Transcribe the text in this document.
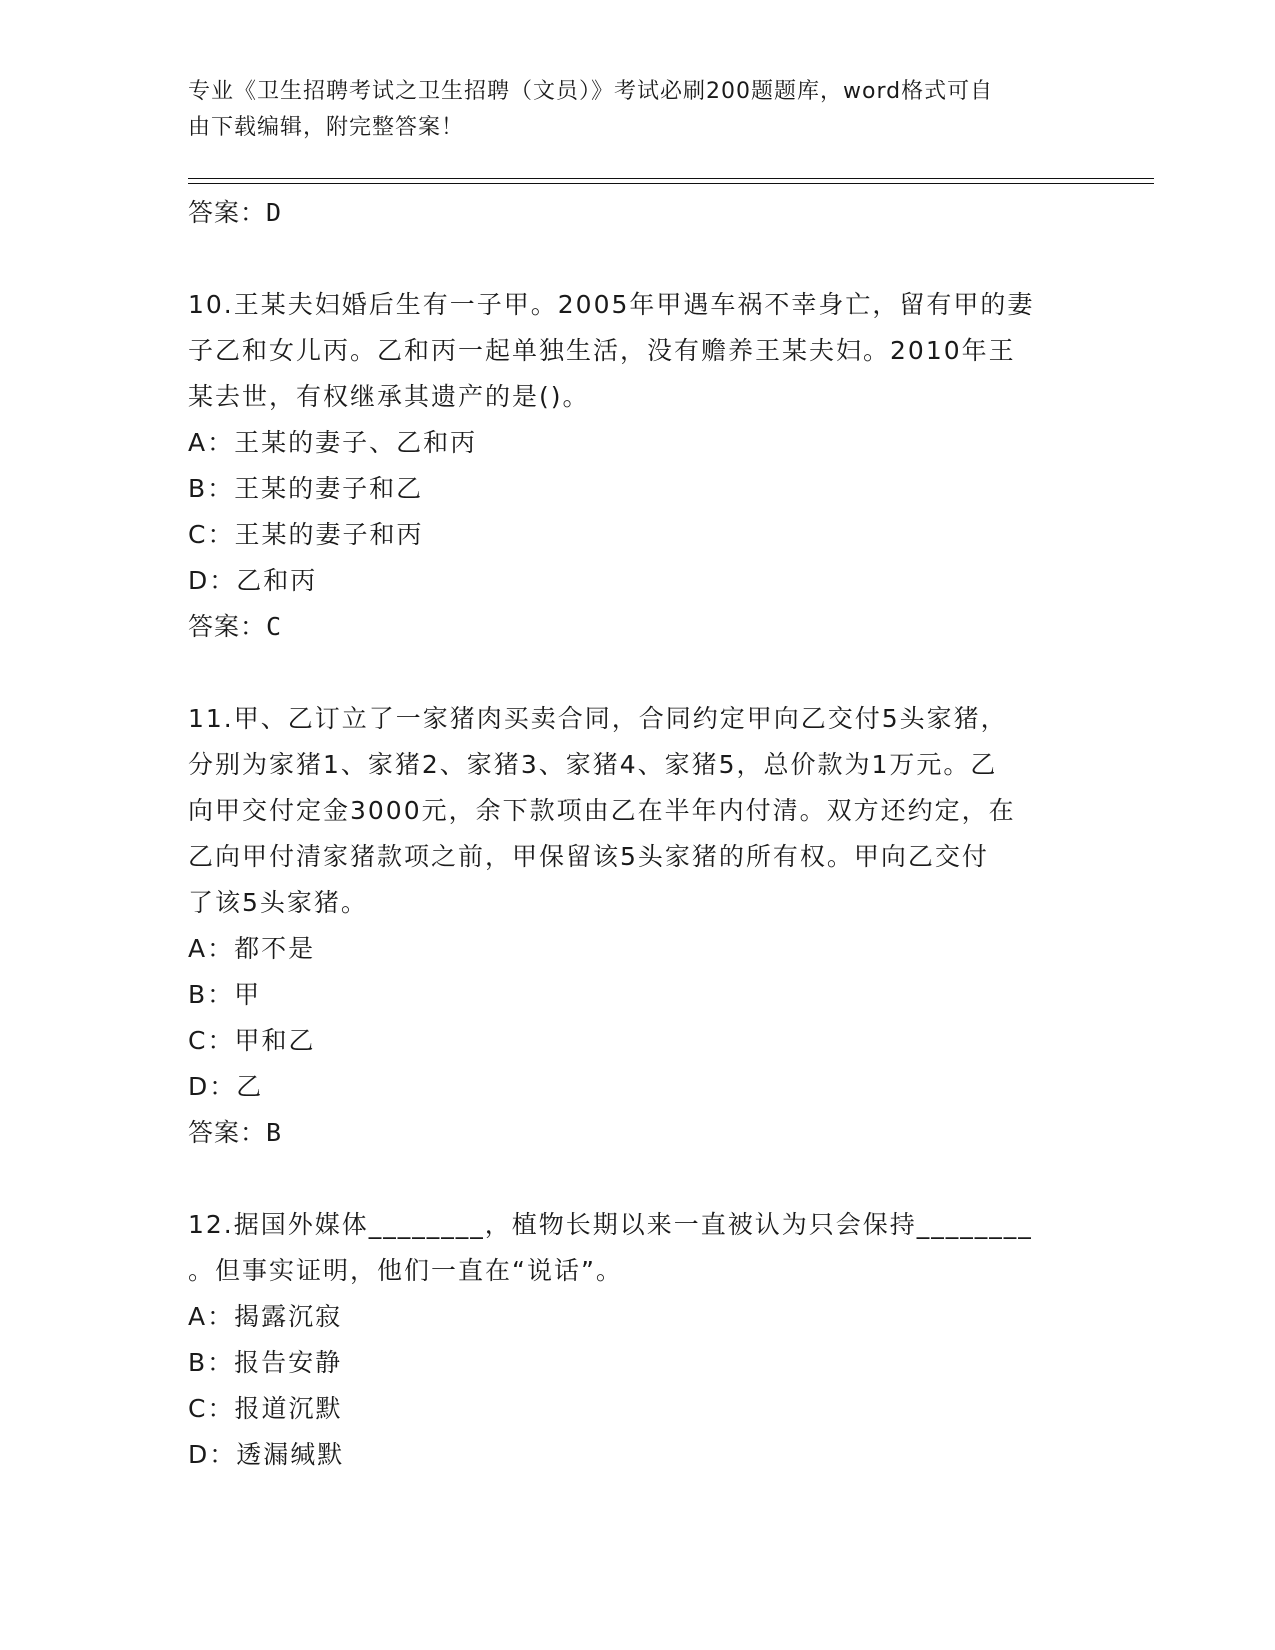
专业《卫生招聘考试之卫生招聘（文员）》考试必刷200题题库，word格式可自
由下载编辑，附完整答案！
答案：D
10.王某夫妇婚后生有一子甲。2005年甲遇车祸不幸身亡，留有甲的妻
子乙和女儿丙。乙和丙一起单独生活，没有赡养王某夫妇。2010年王
某去世，有权继承其遗产的是()。
A：王某的妻子、乙和丙
B：王某的妻子和乙
C：王某的妻子和丙
D：乙和丙
答案：C
11.甲、乙订立了一家猪肉买卖合同，合同约定甲向乙交付5头家猪，
分别为家猪1、家猪2、家猪3、家猪4、家猪5，总价款为1万元。乙
向甲交付定金3000元，余下款项由乙在半年内付清。双方还约定，在
乙向甲付清家猪款项之前，甲保留该5头家猪的所有权。甲向乙交付
了该5头家猪。
A：都不是
B：甲
C：甲和乙
D：乙
答案：B
12.据国外媒体________，植物长期以来一直被认为只会保持________
。但事实证明，他们一直在“说话”。
A：揭露沉寂
B：报告安静
C：报道沉默
D：透漏缄默
